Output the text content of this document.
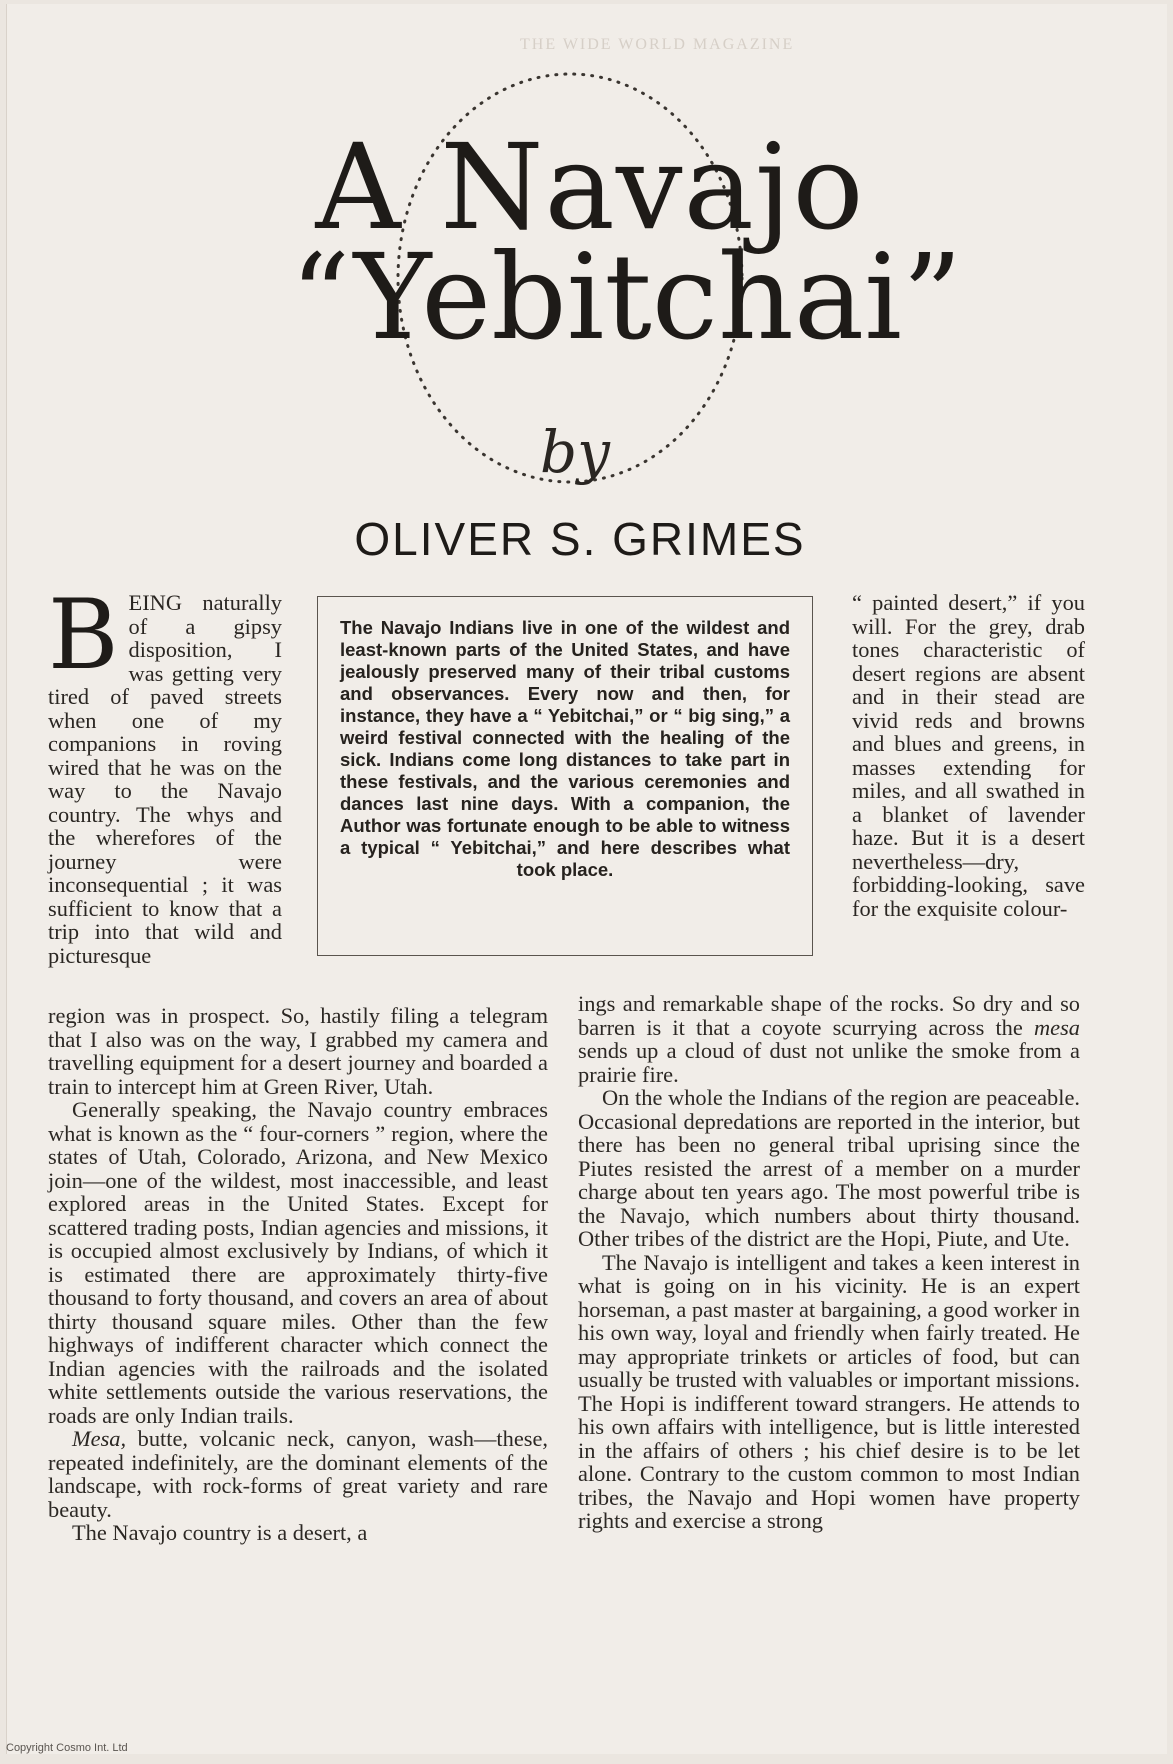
THE WIDE WORLD MAGAZINE
A Navajo
“Yebitchai”
by
OLIVER S. GRIMES
BEING naturally of a gipsy disposition, I was getting very tired of paved streets when one of my companions in roving wired that he was on the way to the Navajo country. The whys and the wherefores of the journey were inconsequential ; it was sufficient to know that a trip into that wild and picturesque
The Navajo Indians live in one of the wildest and least-known parts of the United States, and have jealously preserved many of their tribal customs and observances. Every now and then, for instance, they have a “ Yebitchai,” or “ big sing,” a weird festival connected with the healing of the sick. Indians come long distances to take part in these festivals, and the various ceremonies and dances last nine days. With a companion, the Author was fortunate enough to be able to witness a typical “ Yebitchai,” and here describes what took place.
“ painted desert,” if you will. For the grey, drab tones characteristic of desert regions are absent and in their stead are vivid reds and browns and blues and greens, in masses extending for miles, and all swathed in a blanket of lavender haze. But it is a desert nevertheless—dry, forbidding-looking, save for the exquisite colour-

region was in prospect. So, hastily filing a telegram that I also was on the way, I grabbed my camera and travelling equipment for a desert journey and boarded a train to intercept him at Green River, Utah.

Generally speaking, the Navajo country embraces what is known as the “ four-corners ” region, where the states of Utah, Colorado, Arizona, and New Mexico join—one of the wildest, most inaccessible, and least explored areas in the United States. Except for scattered trading posts, Indian agencies and missions, it is occupied almost exclusively by Indians, of which it is estimated there are approximately thirty-five thousand to forty thousand, and covers an area of about thirty thousand square miles. Other than the few highways of indifferent character which connect the Indian agencies with the railroads and the isolated white settlements outside the various reservations, the roads are only Indian trails.

Mesa, butte, volcanic neck, canyon, wash—these, repeated indefinitely, are the dominant elements of the landscape, with rock-forms of great variety and rare beauty.

The Navajo country is a desert, a

ings and remarkable shape of the rocks. So dry and so barren is it that a coyote scurrying across the mesa sends up a cloud of dust not unlike the smoke from a prairie fire.

On the whole the Indians of the region are peaceable. Occasional depredations are reported in the interior, but there has been no general tribal uprising since the Piutes resisted the arrest of a member on a murder charge about ten years ago. The most powerful tribe is the Navajo, which numbers about thirty thousand. Other tribes of the district are the Hopi, Piute, and Ute.

The Navajo is intelligent and takes a keen interest in what is going on in his vicinity. He is an expert horseman, a past master at bargaining, a good worker in his own way, loyal and friendly when fairly treated. He may appropriate trinkets or articles of food, but can usually be trusted with valuables or important missions. The Hopi is indifferent toward strangers. He attends to his own affairs with intelligence, but is little interested in the affairs of others ; his chief desire is to be let alone. Contrary to the custom common to most Indian tribes, the Navajo and Hopi women have property rights and exercise a strong

Copyright Cosmo Int. Ltd
